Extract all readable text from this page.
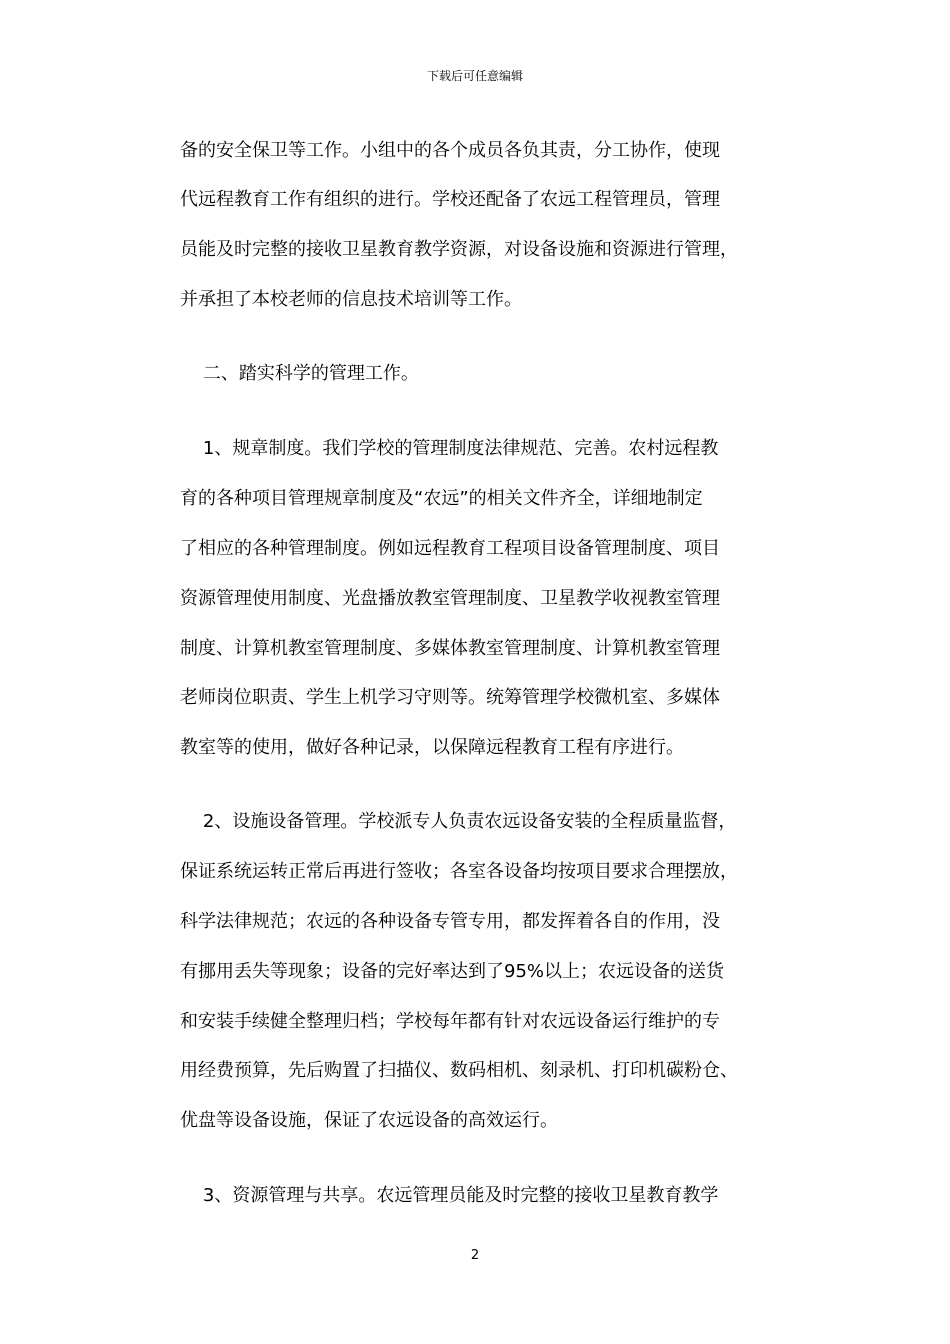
下载后可任意编辑
备的安全保卫等工作。小组中的各个成员各负其责，分工协作，使现
代远程教育工作有组织的进行。学校还配备了农远工程管理员，管理
员能及时完整的接收卫星教育教学资源，对设备设施和资源进行管理，
并承担了本校老师的信息技术培训等工作。
二、踏实科学的管理工作。
1、规章制度。我们学校的管理制度法律规范、完善。农村远程教
育的各种项目管理规章制度及“农远”的相关文件齐全，详细地制定
了相应的各种管理制度。例如远程教育工程项目设备管理制度、项目
资源管理使用制度、光盘播放教室管理制度、卫星教学收视教室管理
制度、计算机教室管理制度、多媒体教室管理制度、计算机教室管理
老师岗位职责、学生上机学习守则等。统筹管理学校微机室、多媒体
教室等的使用，做好各种记录，以保障远程教育工程有序进行。
2、设施设备管理。学校派专人负责农远设备安装的全程质量监督，
保证系统运转正常后再进行签收；各室各设备均按项目要求合理摆放，
科学法律规范；农远的各种设备专管专用，都发挥着各自的作用，没
有挪用丢失等现象；设备的完好率达到了95%以上；农远设备的送货
和安装手续健全整理归档；学校每年都有针对农远设备运行维护的专
用经费预算，先后购置了扫描仪、数码相机、刻录机、打印机碳粉仓、
优盘等设备设施，保证了农远设备的高效运行。
3、资源管理与共享。农远管理员能及时完整的接收卫星教育教学
2
